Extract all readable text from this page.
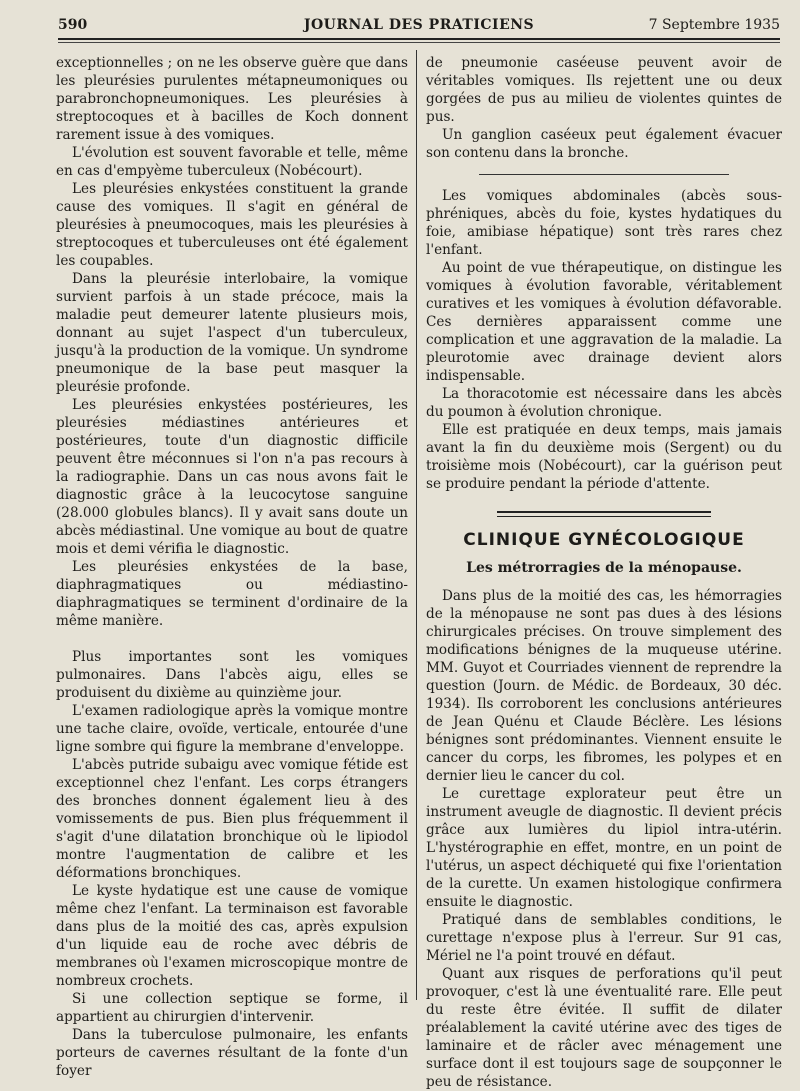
590	JOURNAL DES PRATICIENS	7 Septembre 1935

exceptionnelles ; on ne les observe guère que dans les pleurésies purulentes métapneumoniques ou parabronchopneumoniques. Les pleurésies à streptocoques et à bacilles de Koch donnent rarement issue à des vomiques.

L'évolution est souvent favorable et telle, même en cas d'empyème tuberculeux (Nobécourt).

Les pleurésies enkystées constituent la grande cause des vomiques. Il s'agit en général de pleurésies à pneumocoques, mais les pleurésies à streptocoques et tuberculeuses ont été également les coupables.

Dans la pleurésie interlobaire, la vomique survient parfois à un stade précoce, mais la maladie peut demeurer latente plusieurs mois, donnant au sujet l'aspect d'un tuberculeux, jusqu'à la production de la vomique. Un syndrome pneumonique de la base peut masquer la pleurésie profonde.

Les pleurésies enkystées postérieures, les pleurésies médiastines antérieures et postérieures, toute d'un diagnostic difficile peuvent être méconnues si l'on n'a pas recours à la radiographie. Dans un cas nous avons fait le diagnostic grâce à la leucocytose sanguine (28.000 globules blancs). Il y avait sans doute un abcès médiastinal. Une vomique au bout de quatre mois et demi vérifia le diagnostic.

Les pleurésies enkystées de la base, diaphragmatiques ou médiastino-diaphragmatiques se terminent d'ordinaire de la même manière.

Plus importantes sont les vomiques pulmonaires. Dans l'abcès aigu, elles se produisent du dixième au quinzième jour.

L'examen radiologique après la vomique montre une tache claire, ovoïde, verticale, entourée d'une ligne sombre qui figure la membrane d'enveloppe.

L'abcès putride subaigu avec vomique fétide est exceptionnel chez l'enfant. Les corps étrangers des bronches donnent également lieu à des vomissements de pus. Bien plus fréquemment il s'agit d'une dilatation bronchique où le lipiodol montre l'augmentation de calibre et les déformations bronchiques.

Le kyste hydatique est une cause de vomique même chez l'enfant. La terminaison est favorable dans plus de la moitié des cas, après expulsion d'un liquide eau de roche avec débris de membranes où l'examen microscopique montre de nombreux crochets.

Si une collection septique se forme, il appartient au chirurgien d'intervenir.

Dans la tuberculose pulmonaire, les enfants porteurs de cavernes résultant de la fonte d'un foyer

de pneumonie caséeuse peuvent avoir de véritables vomiques. Ils rejettent une ou deux gorgées de pus au milieu de violentes quintes de pus.

Un ganglion caséeux peut également évacuer son contenu dans la bronche.

Les vomiques abdominales (abcès sous-phréniques, abcès du foie, kystes hydatiques du foie, amibiase hépatique) sont très rares chez l'enfant.

Au point de vue thérapeutique, on distingue les vomiques à évolution favorable, véritablement curatives et les vomiques à évolution défavorable. Ces dernières apparaissent comme une complication et une aggravation de la maladie. La pleurotomie avec drainage devient alors indispensable.

La thoracotomie est nécessaire dans les abcès du poumon à évolution chronique.

Elle est pratiquée en deux temps, mais jamais avant la fin du deuxième mois (Sergent) ou du troisième mois (Nobécourt), car la guérison peut se produire pendant la période d'attente.

CLINIQUE GYNÉCOLOGIQUE
Les métrorragies de la ménopause.

Dans plus de la moitié des cas, les hémorragies de la ménopause ne sont pas dues à des lésions chirurgicales précises. On trouve simplement des modifications bénignes de la muqueuse utérine. MM. Guyot et Courriades viennent de reprendre la question (Journ. de Médic. de Bordeaux, 30 déc. 1934). Ils corroborent les conclusions antérieures de Jean Quénu et Claude Béclère. Les lésions bénignes sont prédominantes. Viennent ensuite le cancer du corps, les fibromes, les polypes et en dernier lieu le cancer du col.

Le curettage explorateur peut être un instrument aveugle de diagnostic. Il devient précis grâce aux lumières du lipiol intra-utérin. L'hystérographie en effet, montre, en un point de l'utérus, un aspect déchiqueté qui fixe l'orientation de la curette. Un examen histologique confirmera ensuite le diagnostic.

Pratiqué dans de semblables conditions, le curettage n'expose plus à l'erreur. Sur 91 cas, Mériel ne l'a point trouvé en défaut.

Quant aux risques de perforations qu'il peut provoquer, c'est là une éventualité rare. Elle peut du reste être évitée. Il suffit de dilater préalablement la cavité utérine avec des tiges de laminaire et de râcler avec ménagement une surface dont il est toujours sage de soupçonner le peu de résistance.
